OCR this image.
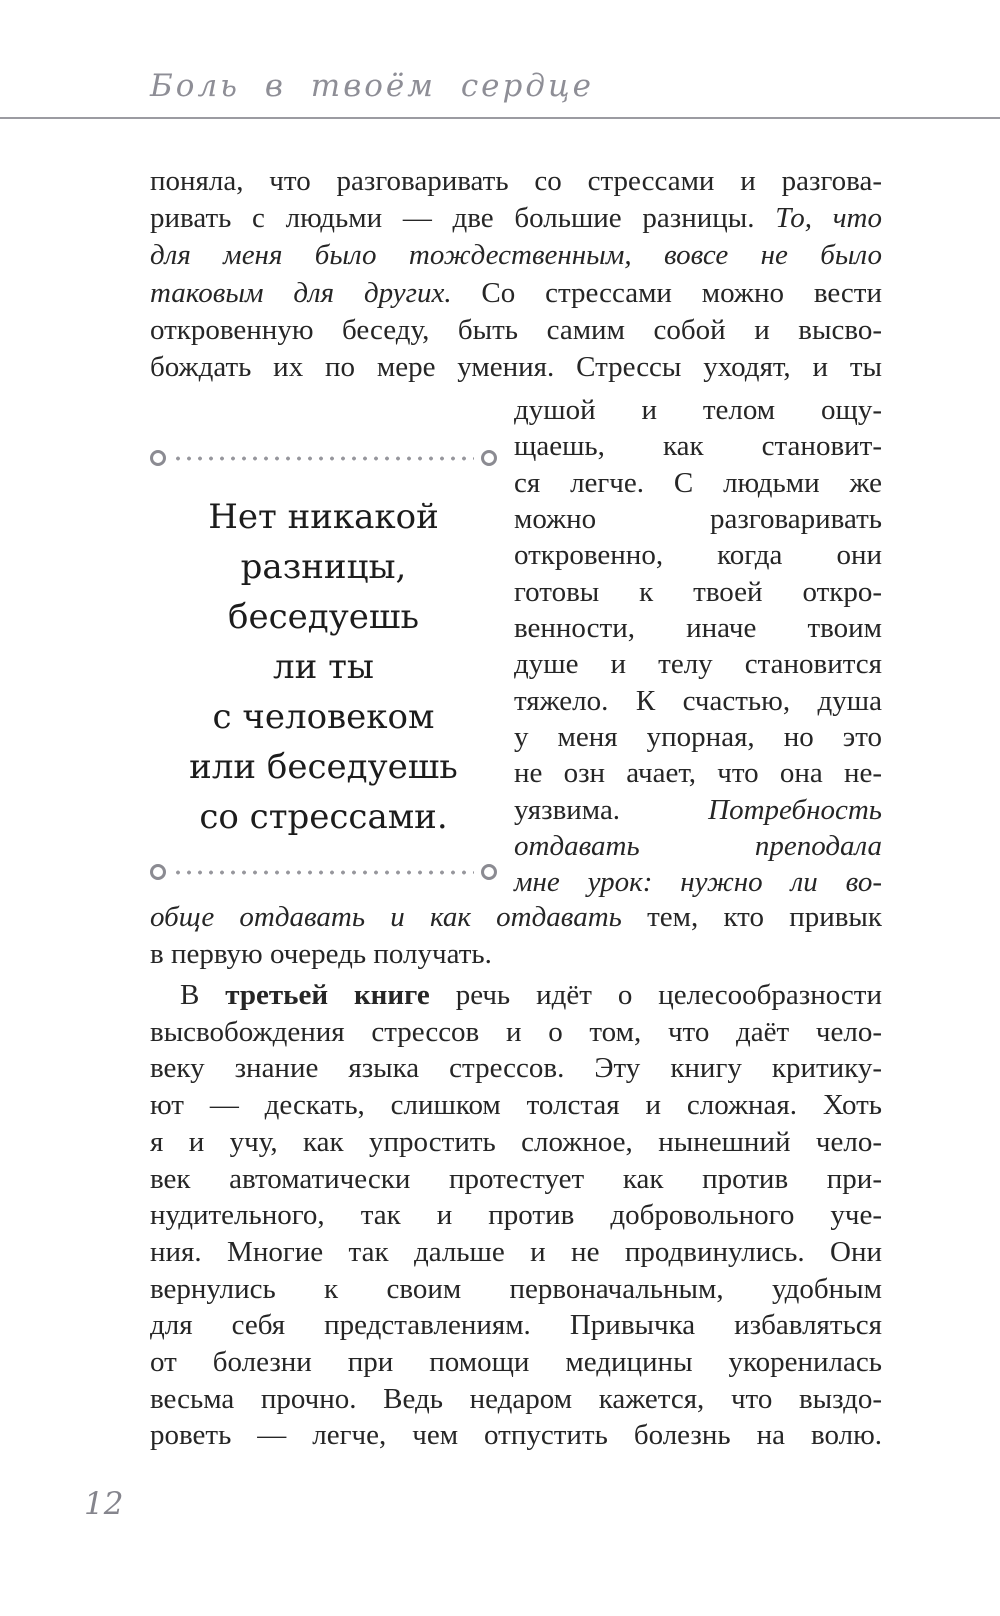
Боль в твоём сердце
поняла, что разговаривать со стрессами и разгова-
ривать с людьми — две большие разницы. То, что
для меня было тождественным, вовсе не было
таковым для других. Со стрессами можно вести
откровенную беседу, быть самим собой и высво-
бождать их по мере умения. Стрессы уходят, и ты
Нет никакой
разницы, беседуешь
ли ты
с человеком
или беседуешь
со стрессами.
душой и телом ощу-
щаешь, как становит-
ся легче. С людьми же
можно разговаривать
откровенно, когда они
готовы к твоей откро-
венности, иначе твоим
душе и телу становится
тяжело. К счастью, душа
у меня упорная, но это
не озн ачает, что она не-
уязвима. Потребность
отдавать преподала
мне урок: нужно ли во-
обще отдавать и как отдавать тем, кто привык
в первую очередь получать.
В третьей книге речь идёт о целесообразности
высвобождения стрессов и о том, что даёт чело-
веку знание языка стрессов. Эту книгу критику-
ют — дескать, слишком толстая и сложная. Хоть
я и учу, как упростить сложное, нынешний чело-
век автоматически протестует как против при-
нудительного, так и против добровольного уче-
ния. Многие так дальше и не продвинулись. Они
вернулись к своим первоначальным, удобным
для себя представлениям. Привычка избавляться
от болезни при помощи медицины укоренилась
весьма прочно. Ведь недаром кажется, что выздо-
роветь — легче, чем отпустить болезнь на волю.
12
